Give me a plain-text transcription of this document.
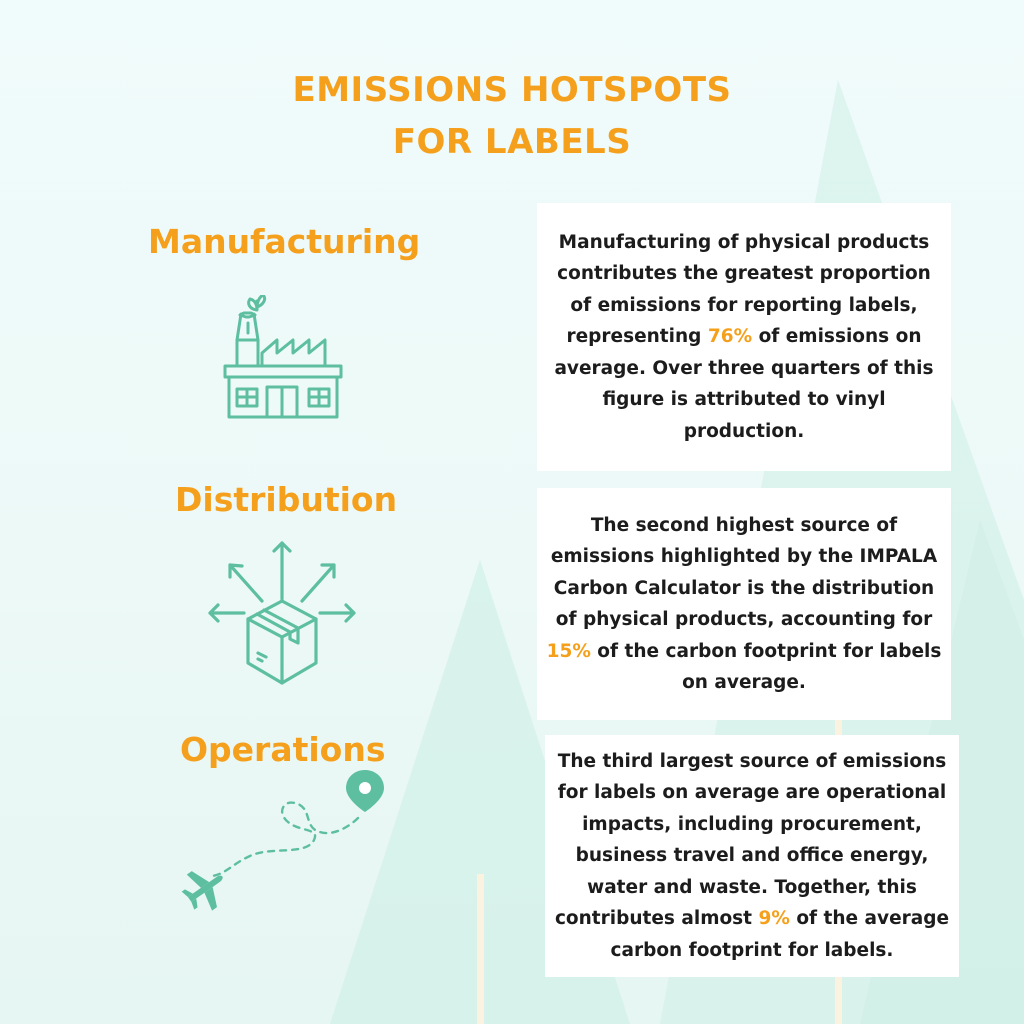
EMISSIONS HOTSPOTS
FOR LABELS
Manufacturing	Manufacturing of physical products contributes the greatest proportion of emissions for reporting labels, representing 76% of emissions on average. Over three quarters of this figure is attributed to vinyl production.
Distribution
The second highest source of emissions highlighted by the IMPALA Carbon Calculator is the distribution of physical products, accounting for 15% of the carbon footprint for labels on average.
Operations	The third largest source of emissions for labels on average are operational impacts, including procurement, business travel and office energy, water and waste. Together, this contributes almost 9% of the average carbon footprint for labels.
